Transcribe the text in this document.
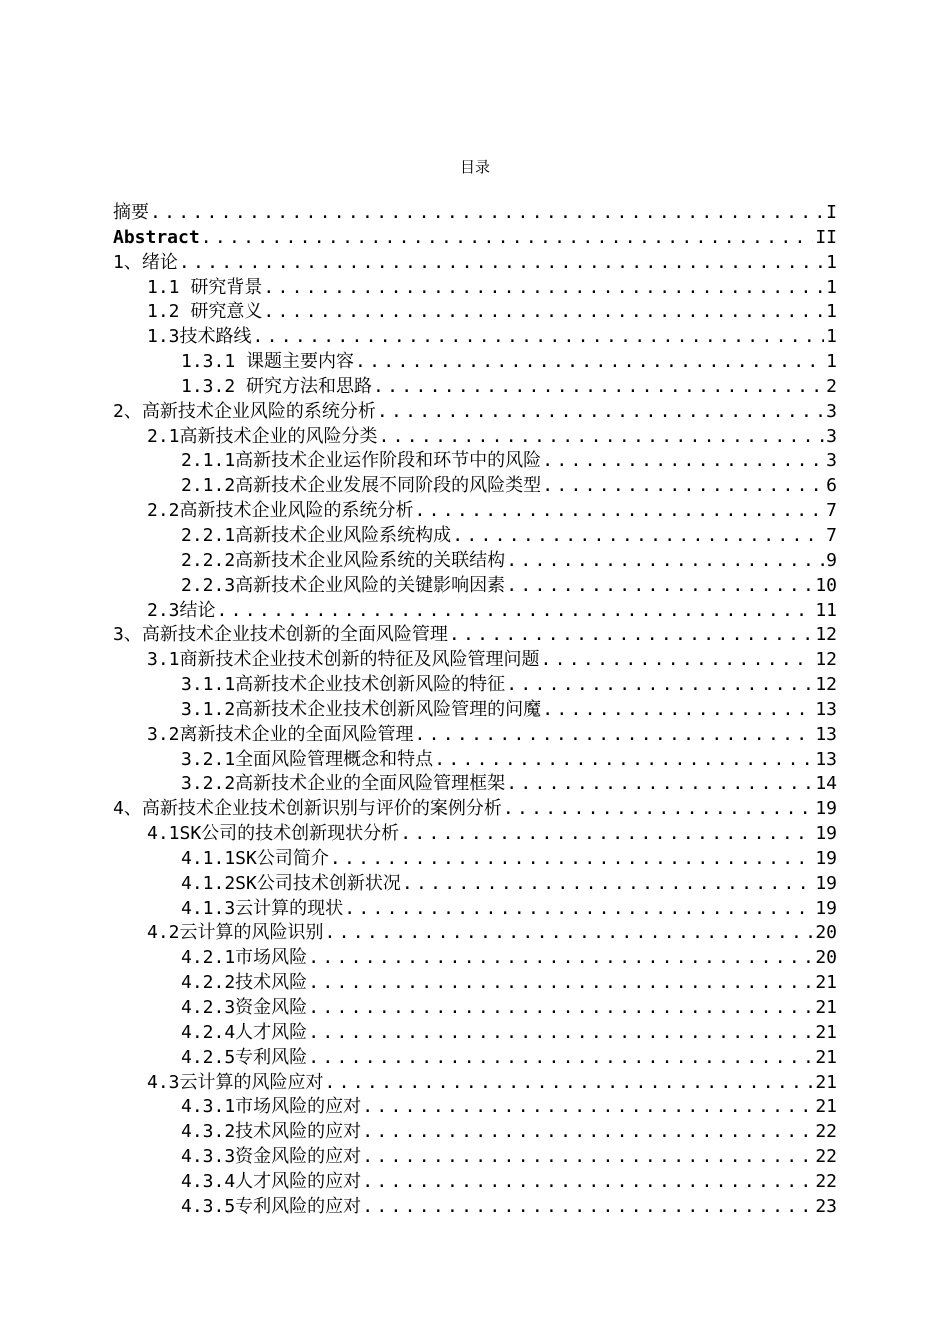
目录
摘要 .....	I
Abstract .....	II
1、绪论 .....	1
1.1 研究背景 .....	1
1.2 研究意义 .....	1
1.3技术路线 .....	1
1.3.1 课题主要内容 .....	1
1.3.2 研究方法和思路 .....	2
2、高新技术企业风险的系统分析 .....	3
2.1高新技术企业的风险分类 .....	3
2.1.1高新技术企业运作阶段和环节中的风险 .....	3
2.1.2高新技术企业发展不同阶段的风险类型 .....	6
2.2高新技术企业风险的系统分析 .....	7
2.2.1高新技术企业风险系统构成 .....	7
2.2.2高新技术企业风险系统的关联结构 .....	9
2.2.3高新技术企业风险的关键影响因素 .....	10
2.3结论 .....	11
3、高新技术企业技术创新的全面风险管理 .....	12
3.1商新技术企业技术创新的特征及风险管理问题 .....	12
3.1.1高新技术企业技术创新风险的特征 .....	12
3.1.2高新技术企业技术创新风险管理的问魔 .....	13
3.2离新技术企业的全面风险管理 .....	13
3.2.1全面风险管理概念和特点 .....	13
3.2.2高新技术企业的全面风险管理框架 .....	14
4、高新技术企业技术创新识别与评价的案例分析 .....	19
4.1SK公司的技术创新现状分析 .....	19
4.1.1SK公司简介 .....	19
4.1.2SK公司技术创新状况 .....	19
4.1.3云计算的现状 .....	19
4.2云计算的风险识别 .....	20
4.2.1市场风险 .....	20
4.2.2技术风险 .....	21
4.2.3资金风险 .....	21
4.2.4人才风险 .....	21
4.2.5专利风险 .....	21
4.3云计算的风险应对 .....	21
4.3.1市场风险的应对 .....	21
4.3.2技术风险的应对 .....	22
4.3.3资金风险的应对 .....	22
4.3.4人才风险的应对 .....	22
4.3.5专利风险的应对 .....	23
